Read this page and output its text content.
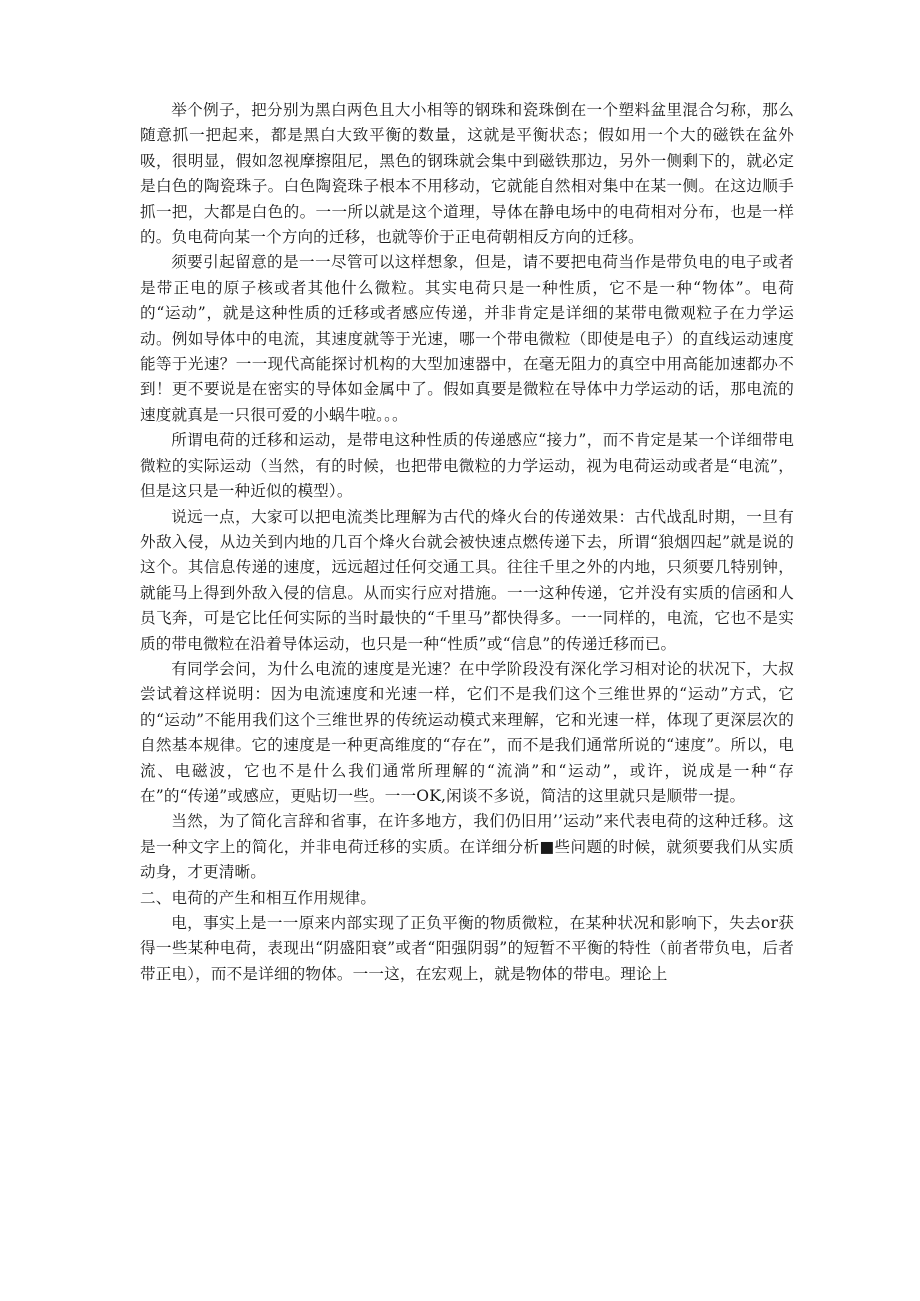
举个例子，把分别为黑白两色且大小相等的钢珠和瓷珠倒在一个塑料盆里混合匀称，那么随意抓一把起来，都是黑白大致平衡的数量，这就是平衡状态；假如用一个大的磁铁在盆外吸，很明显，假如忽视摩擦阻尼，黑色的钢珠就会集中到磁铁那边，另外一侧剩下的，就必定是白色的陶瓷珠子。白色陶瓷珠子根本不用移动，它就能自然相对集中在某一侧。在这边顺手抓一把，大都是白色的。一一所以就是这个道理，导体在静电场中的电荷相对分布，也是一样的。负电荷向某一个方向的迁移，也就等价于正电荷朝相反方向的迁移。

须要引起留意的是一一尽管可以这样想象，但是，请不要把电荷当作是带负电的电子或者是带正电的原子核或者其他什么微粒。其实电荷只是一种性质，它不是一种“物体”。电荷的“运动”，就是这种性质的迁移或者感应传递，并非肯定是详细的某带电微观粒子在力学运动。例如导体中的电流，其速度就等于光速，哪一个带电微粒（即使是电子）的直线运动速度能等于光速？一一现代高能探讨机构的大型加速器中，在毫无阻力的真空中用高能加速都办不到！更不要说是在密实的导体如金属中了。假如真要是微粒在导体中力学运动的话，那电流的速度就真是一只很可爱的小蜗牛啦。。。

所谓电荷的迁移和运动，是带电这种性质的传递感应“接力”，而不肯定是某一个详细带电微粒的实际运动（当然，有的时候，也把带电微粒的力学运动，视为电荷运动或者是“电流”，但是这只是一种近似的模型）。

说远一点，大家可以把电流类比理解为古代的烽火台的传递效果：古代战乱时期，一旦有外敌入侵，从边关到内地的几百个烽火台就会被快速点燃传递下去，所谓“狼烟四起”就是说的这个。其信息传递的速度，远远超过任何交通工具。往往千里之外的内地，只须要几特别钟，就能马上得到外敌入侵的信息。从而实行应对措施。一一这种传递，它并没有实质的信函和人员飞奔，可是它比任何实际的当时最快的“千里马”都快得多。一一同样的，电流，它也不是实质的带电微粒在沿着导体运动，也只是一种“性质”或“信息”的传递迁移而已。

有同学会问，为什么电流的速度是光速？在中学阶段没有深化学习相对论的状况下，大叔尝试着这样说明：因为电流速度和光速一样，它们不是我们这个三维世界的“运动”方式，它的“运动”不能用我们这个三维世界的传统运动模式来理解，它和光速一样，体现了更深层次的自然基本规律。它的速度是一种更高维度的“存在”，而不是我们通常所说的“速度”。所以，电流、电磁波，它也不是什么我们通常所理解的“流淌”和“运动”，或许，说成是一种“存在”的“传递”或感应，更贴切一些。一一OK,闲谈不多说，简洁的这里就只是顺带一提。

当然，为了简化言辞和省事，在许多地方，我们仍旧用’’运动”来代表电荷的这种迁移。这是一种文字上的简化，并非电荷迁移的实质。在详细分析■些问题的时候，就须要我们从实质动身，才更清晰。

二、电荷的产生和相互作用规律。

电，事实上是一一原来内部实现了正负平衡的物质微粒，在某种状况和影响下，失去or获得一些某种电荷，表现出“阴盛阳衰”或者“阳强阴弱”的短暂不平衡的特性（前者带负电，后者带正电），而不是详细的物体。一一这，在宏观上，就是物体的带电。理论上
